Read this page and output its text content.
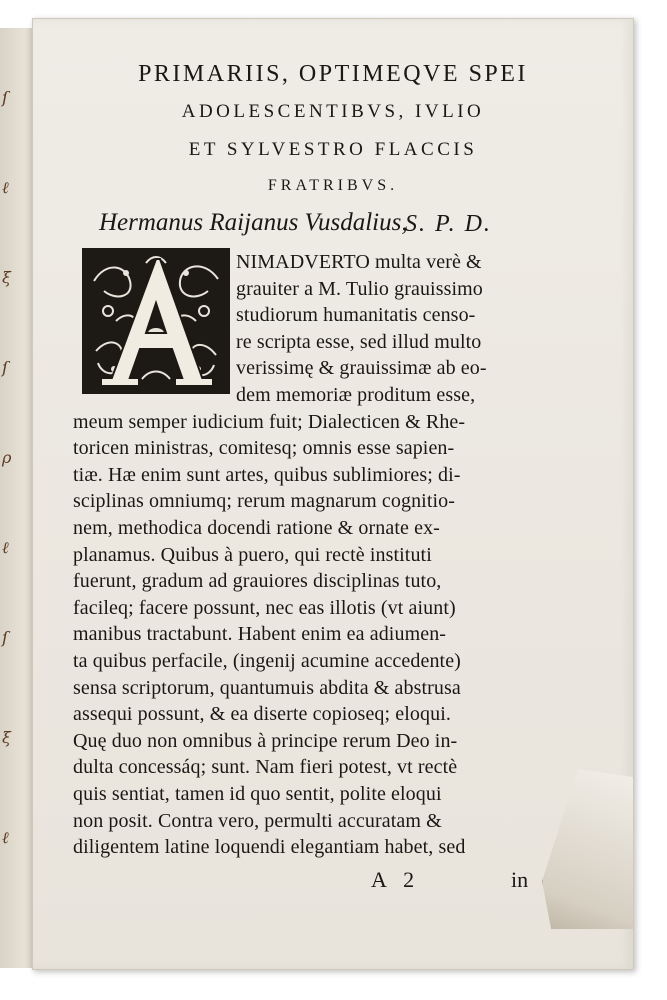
ſ
ℓ
ξ
ſ
ρ
ℓ
ſ
ξ
ℓ
PRIMARIIS, OPTIMEQVE SPEI
ADOLESCENTIBVS, IVLIO
ET SYLVESTRO FLACCIS
FRATRIBVS.
Hermanus Raijanus Vusdalius,
S. P. D.
NIMADVERTO multa verè &
grauiter a M. Tulio grauissimo
studiorum humanitatis censo-
re scripta esse, sed illud multo
verissimę & grauissimæ ab eo-
dem memoriæ proditum esse,
meum semper iudicium fuit; Dialecticen & Rhe-
toricen ministras, comitesq; omnis esse sapien-
tiæ. Hæ enim sunt artes, quibus sublimiores; di-
sciplinas omniumq; rerum magnarum cognitio-
nem, methodica docendi ratione & ornate ex-
planamus. Quibus à puero, qui rectè instituti
fuerunt, gradum ad grauiores disciplinas tuto,
facileq; facere possunt, nec eas illotis (vt aiunt)
manibus tractabunt. Habent enim ea adiumen-
ta quibus perfacile, (ingenij acumine accedente)
sensa scriptorum, quantumuis abdita & abstrusa
assequi possunt, & ea diserte copioseq; eloqui.
Quę duo non omnibus à principe rerum Deo in-
dulta concessáq; sunt. Nam fieri potest, vt rectè
quis sentiat, tamen id quo sentit, polite eloqui
non posit. Contra vero, permulti accuratam &
diligentem latine loquendi elegantiam habet, sed
A 2	in
